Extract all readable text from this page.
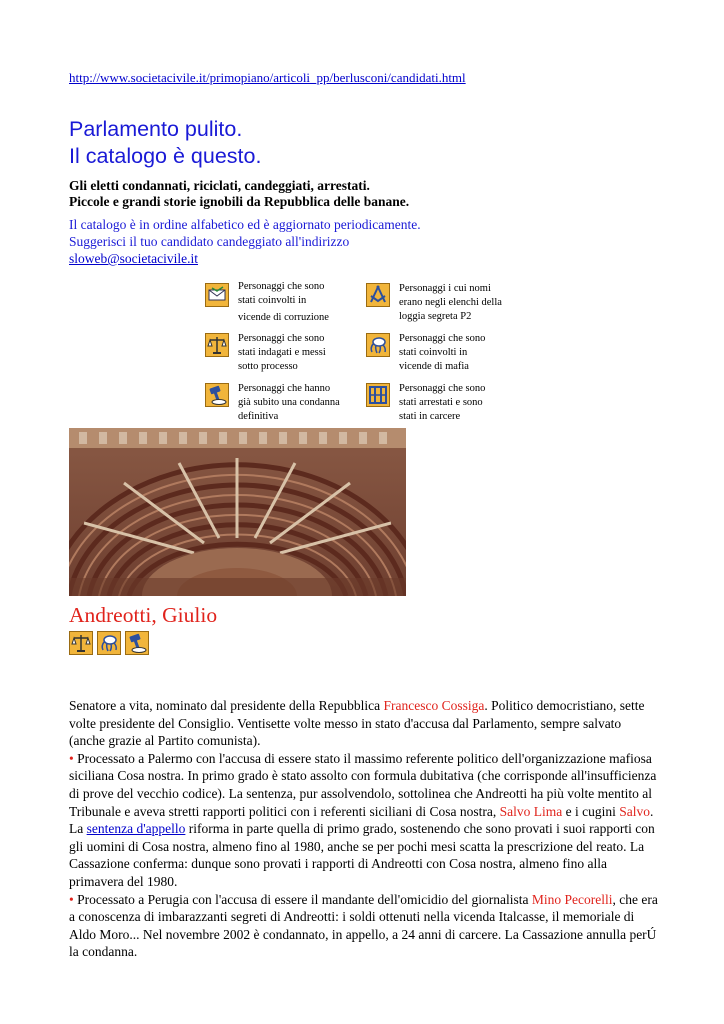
http://www.societacivile.it/primopiano/articoli_pp/berlusconi/candidati.html
Parlamento pulito.
Il catalogo è questo.
Gli eletti condannati, riciclati, candeggiati, arrestati.
Piccole e grandi storie ignobili da Repubblica delle banane.
Il catalogo è in ordine alfabetico ed è aggiornato periodicamente.
Suggerisci il tuo candidato candeggiato all'indirizzo
sloweb@societacivile.it
Personaggi che sono
stati coinvolti in
vicende di corruzione
Personaggi che sono
stati indagati e messi
sotto processo
Personaggi che hanno
già subito una condanna
definitiva
Personaggi i cui nomi
erano negli elenchi della
loggia segreta P2
Personaggi che sono
stati coinvolti in
vicende di mafia
Personaggi che sono
stati arrestati e sono
stati in carcere
Andreotti, Giulio
Senatore a vita, nominato dal presidente della Repubblica Francesco Cossiga. Politico democristiano, sette volte presidente del Consiglio. Ventisette volte messo in stato d'accusa dal Parlamento, sempre salvato (anche grazie al Partito comunista).
• Processato a Palermo con l'accusa di essere stato il massimo referente politico dell'organizzazione mafiosa siciliana Cosa nostra. In primo grado è stato assolto con formula dubitativa (che corrisponde all'insufficienza di prove del vecchio codice). La sentenza, pur assolvendolo, sottolinea che Andreotti ha più volte mentito al Tribunale e aveva stretti rapporti politici con i referenti siciliani di Cosa nostra, Salvo Lima e i cugini Salvo. La sentenza d'appello riforma in parte quella di primo grado, sostenendo che sono provati i suoi rapporti con gli uomini di Cosa nostra, almeno fino al 1980, anche se per pochi mesi scatta la prescrizione del reato. La Cassazione conferma: dunque sono provati i rapporti di Andreotti con Cosa nostra, almeno fino alla primavera del 1980.
• Processato a Perugia con l'accusa di essere il mandante dell'omicidio del giornalista Mino Pecorelli, che era a conoscenza di imbarazzanti segreti di Andreotti: i soldi ottenuti nella vicenda Italcasse, il memoriale di Aldo Moro... Nel novembre 2002 è condannato, in appello, a 24 anni di carcere. La Cassazione annulla perÚ la condanna.
